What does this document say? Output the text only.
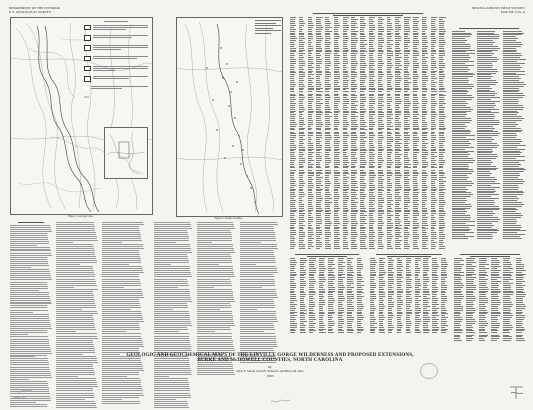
DEPARTMENT OF THE INTERIOR
U.S. GEOLOGICAL SURVEY
MISCELLANEOUS FIELD STUDIES
MAP MF-1541-A
Figure 1. Geologic map
Figure 2. Sample localities
GEOLOGIC AND GEOCHEMICAL MAPS OF THE LINVILLE GORGE WILDERNESS AND PROPOSED EXTENSIONS,
BURKE AND McDOWELL COUNTIES, NORTH CAROLINA
By
John F. Slack, John B. Sidwell, and Bruce R. Doe
1983
